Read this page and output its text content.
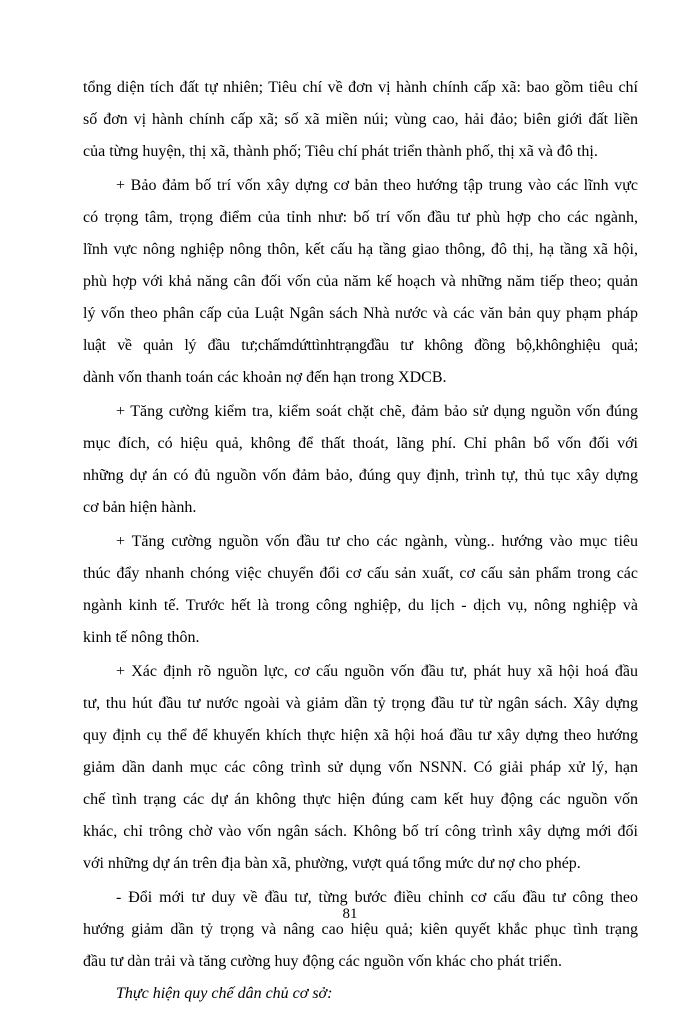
tổng diện tích đất tự nhiên; Tiêu chí về đơn vị hành chính cấp xã: bao gồm tiêu chí
số đơn vị hành chính cấp xã; số xã miền núi; vùng cao, hải đảo; biên giới đất liền
của từng huyện, thị xã, thành phố; Tiêu chí phát triển thành phố, thị xã và đô thị.
+ Bảo đảm bố trí vốn xây dựng cơ bản theo hướng tập trung vào các lĩnh vực
có trọng tâm, trọng điểm của tỉnh như: bố trí vốn đầu tư phù hợp cho các ngành,
lĩnh vực nông nghiệp nông thôn, kết cấu hạ tầng giao thông, đô thị, hạ tầng xã hội,
phù hợp với khả năng cân đối vốn của năm kế hoạch và những năm tiếp theo; quản
lý vốn theo phân cấp của Luật Ngân sách Nhà nước và các văn bản quy phạm pháp
luật về quản lý đầu tư;chấmdứttìnhtrạngđầu tư không đồng bộ,khônghiệu quả;
dành vốn thanh toán các khoản nợ đến hạn trong XDCB.
+ Tăng cường kiểm tra, kiểm soát chặt chẽ, đảm bảo sử dụng nguồn vốn đúng
mục đích, có hiệu quả, không để thất thoát, lãng phí. Chỉ phân bổ vốn đối với
những dự án có đủ nguồn vốn đảm bảo, đúng quy định, trình tự, thủ tục xây dựng
cơ bản hiện hành.
+ Tăng cường nguồn vốn đầu tư cho các ngành, vùng.. hướng vào mục tiêu
thúc đẩy nhanh chóng việc chuyển đổi cơ cấu sản xuất, cơ cấu sản phẩm trong các
ngành kinh tế. Trước hết là trong công nghiệp, du lịch - dịch vụ, nông nghiệp và
kinh tế nông thôn.
+ Xác định rõ nguồn lực, cơ cấu nguồn vốn đầu tư, phát huy xã hội hoá đầu
tư, thu hút đầu tư nước ngoài và giảm dần tỷ trọng đầu tư từ ngân sách. Xây dựng
quy định cụ thể để khuyến khích thực hiện xã hội hoá đầu tư xây dựng theo hướng
giảm dần danh mục các công trình sử dụng vốn NSNN. Có giải pháp xử lý, hạn
chế tình trạng các dự án không thực hiện đúng cam kết huy động các nguồn vốn
khác, chỉ trông chờ vào vốn ngân sách. Không bố trí công trình xây dựng mới đối
với những dự án trên địa bàn xã, phường, vượt quá tổng mức dư nợ cho phép.
- Đổi mới tư duy về đầu tư, từng bước điều chỉnh cơ cấu đầu tư công theo
hướng giảm dần tỷ trọng và nâng cao hiệu quả; kiên quyết khắc phục tình trạng
đầu tư dàn trải và tăng cường huy động các nguồn vốn khác cho phát triển.
Thực hiện quy chế dân chủ cơ sở:
81
